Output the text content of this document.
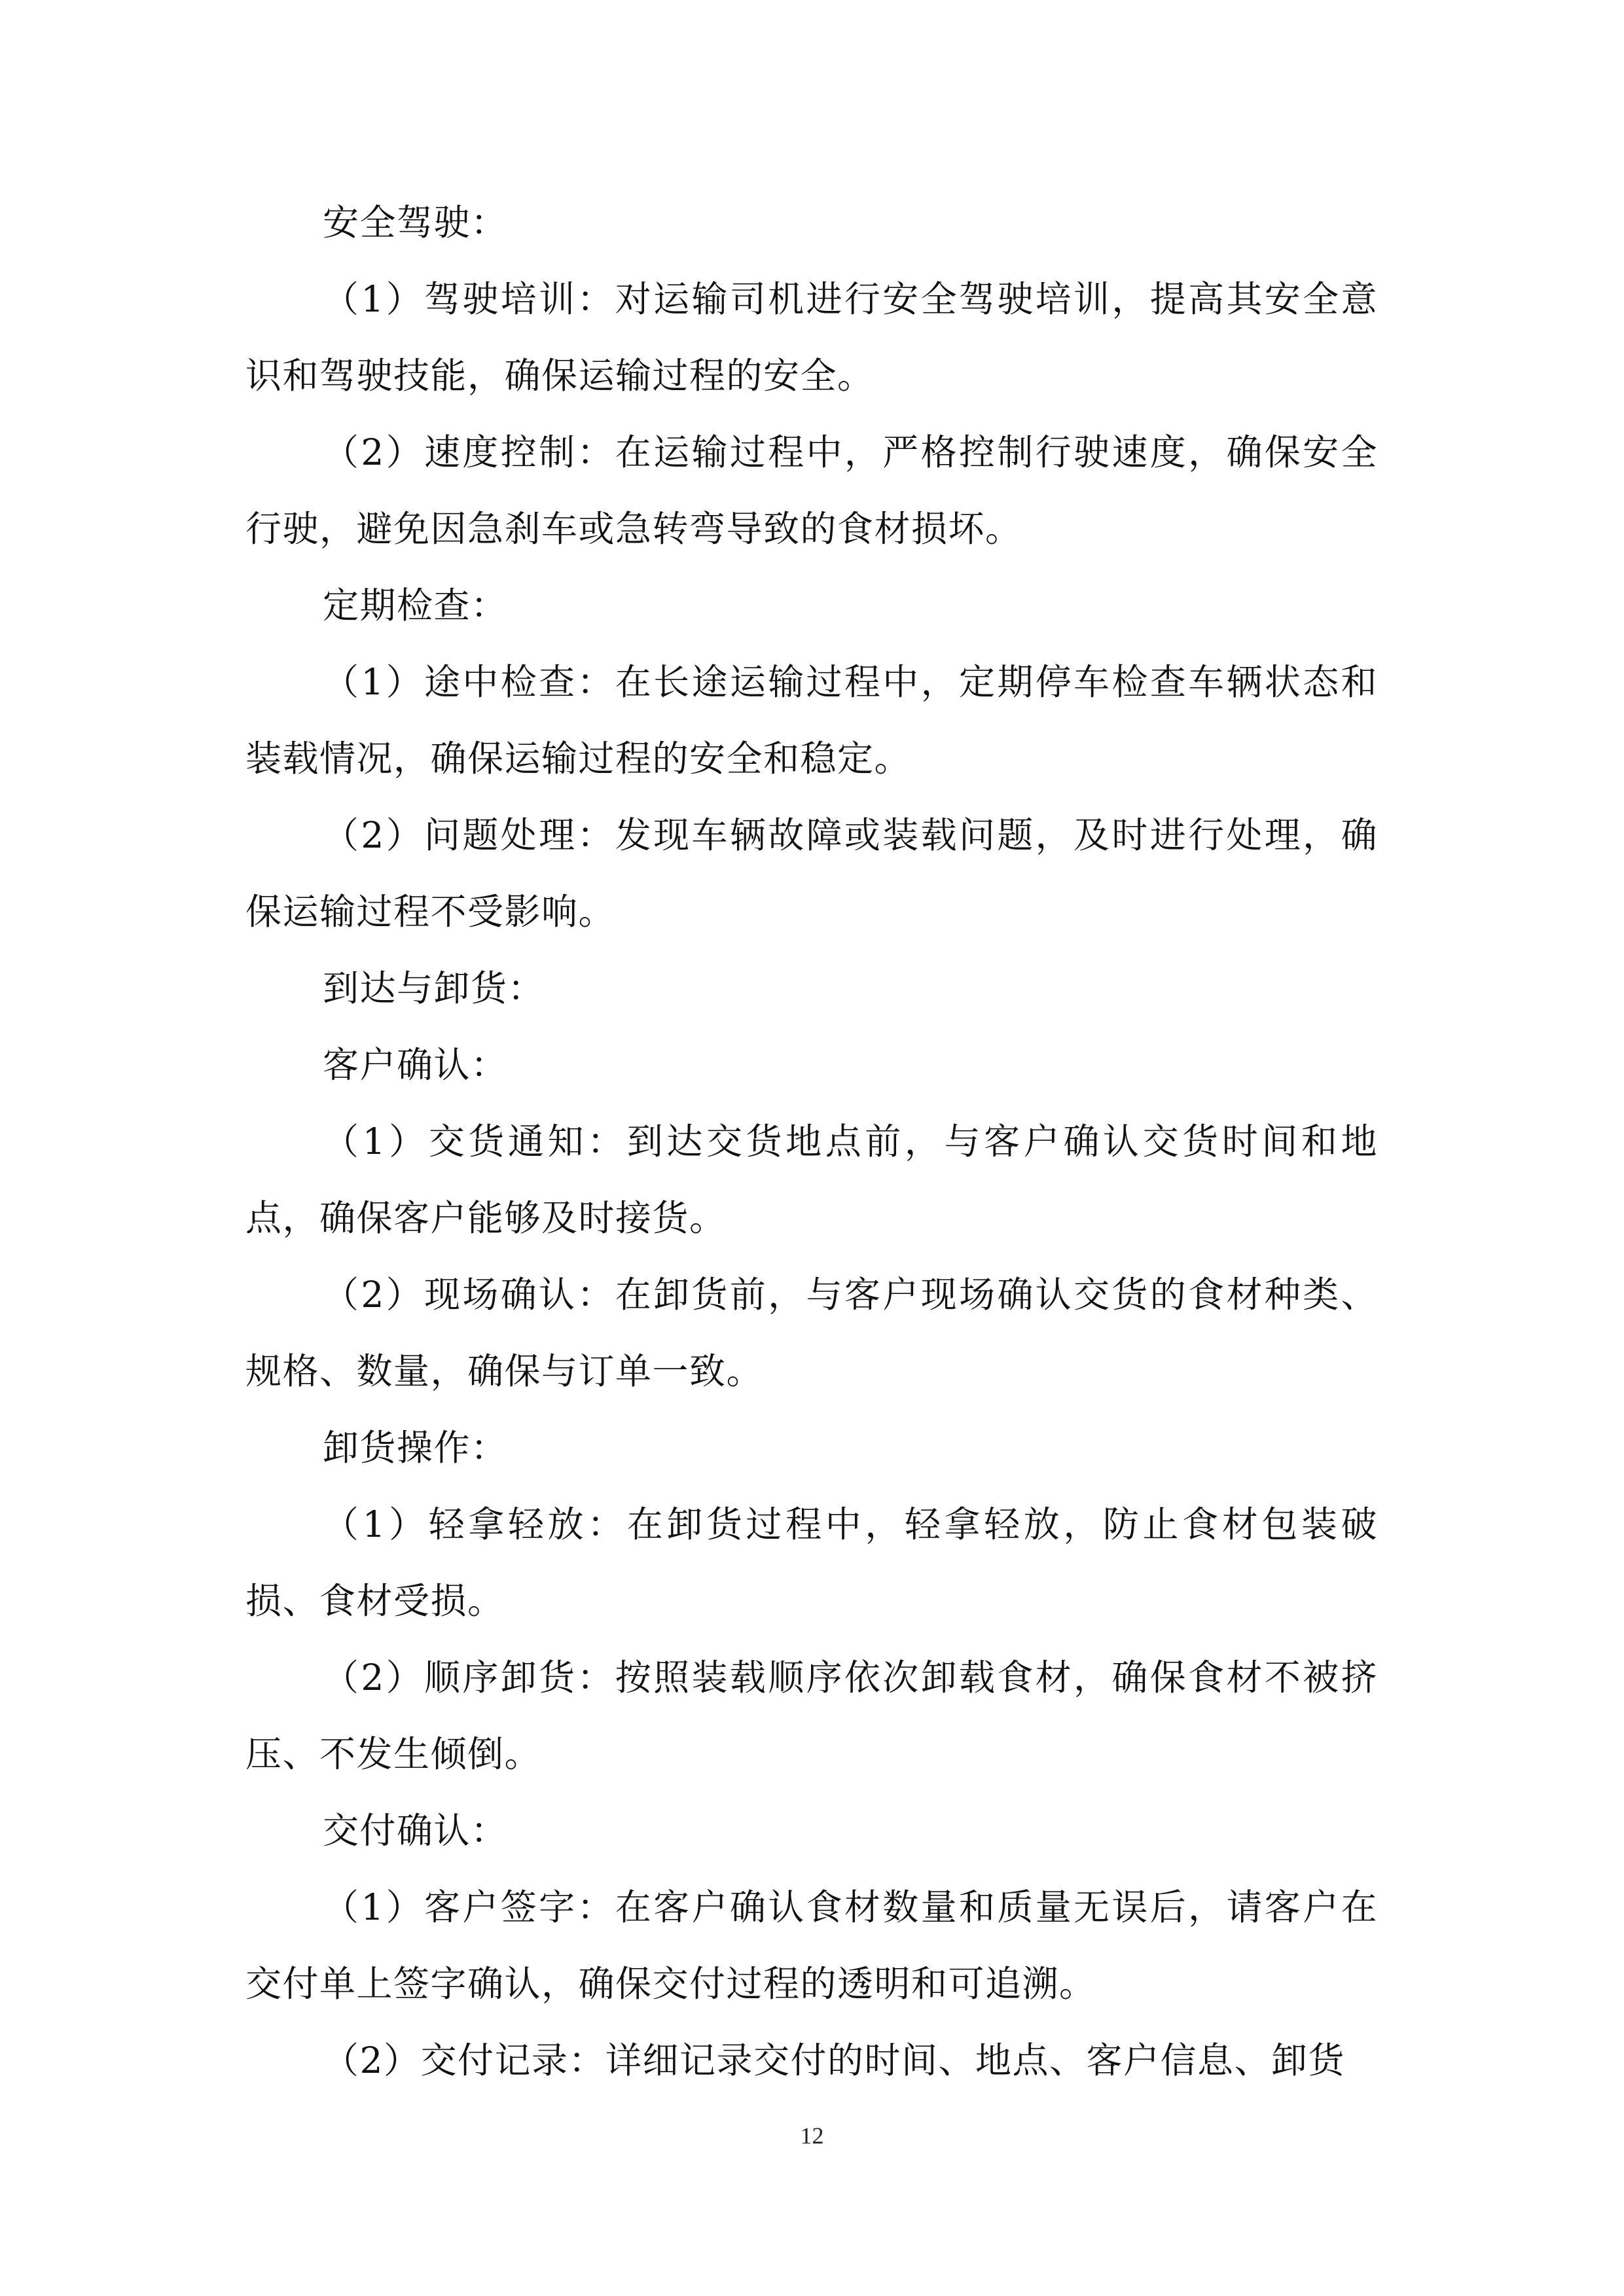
安全驾驶：

（1）驾驶培训：对运输司机进行安全驾驶培训，提高其安全意识和驾驶技能，确保运输过程的安全。

（2）速度控制：在运输过程中，严格控制行驶速度，确保安全行驶，避免因急刹车或急转弯导致的食材损坏。

定期检查：

（1）途中检查：在长途运输过程中，定期停车检查车辆状态和装载情况，确保运输过程的安全和稳定。

（2）问题处理：发现车辆故障或装载问题，及时进行处理，确保运输过程不受影响。

到达与卸货：

客户确认：

（1）交货通知：到达交货地点前，与客户确认交货时间和地点，确保客户能够及时接货。

（2）现场确认：在卸货前，与客户现场确认交货的食材种类、规格、数量，确保与订单一致。

卸货操作：

（1）轻拿轻放：在卸货过程中，轻拿轻放，防止食材包装破损、食材受损。

（2）顺序卸货：按照装载顺序依次卸载食材，确保食材不被挤压、不发生倾倒。

交付确认：

（1）客户签字：在客户确认食材数量和质量无误后，请客户在交付单上签字确认，确保交付过程的透明和可追溯。

（2）交付记录：详细记录交付的时间、地点、客户信息、卸货

12
